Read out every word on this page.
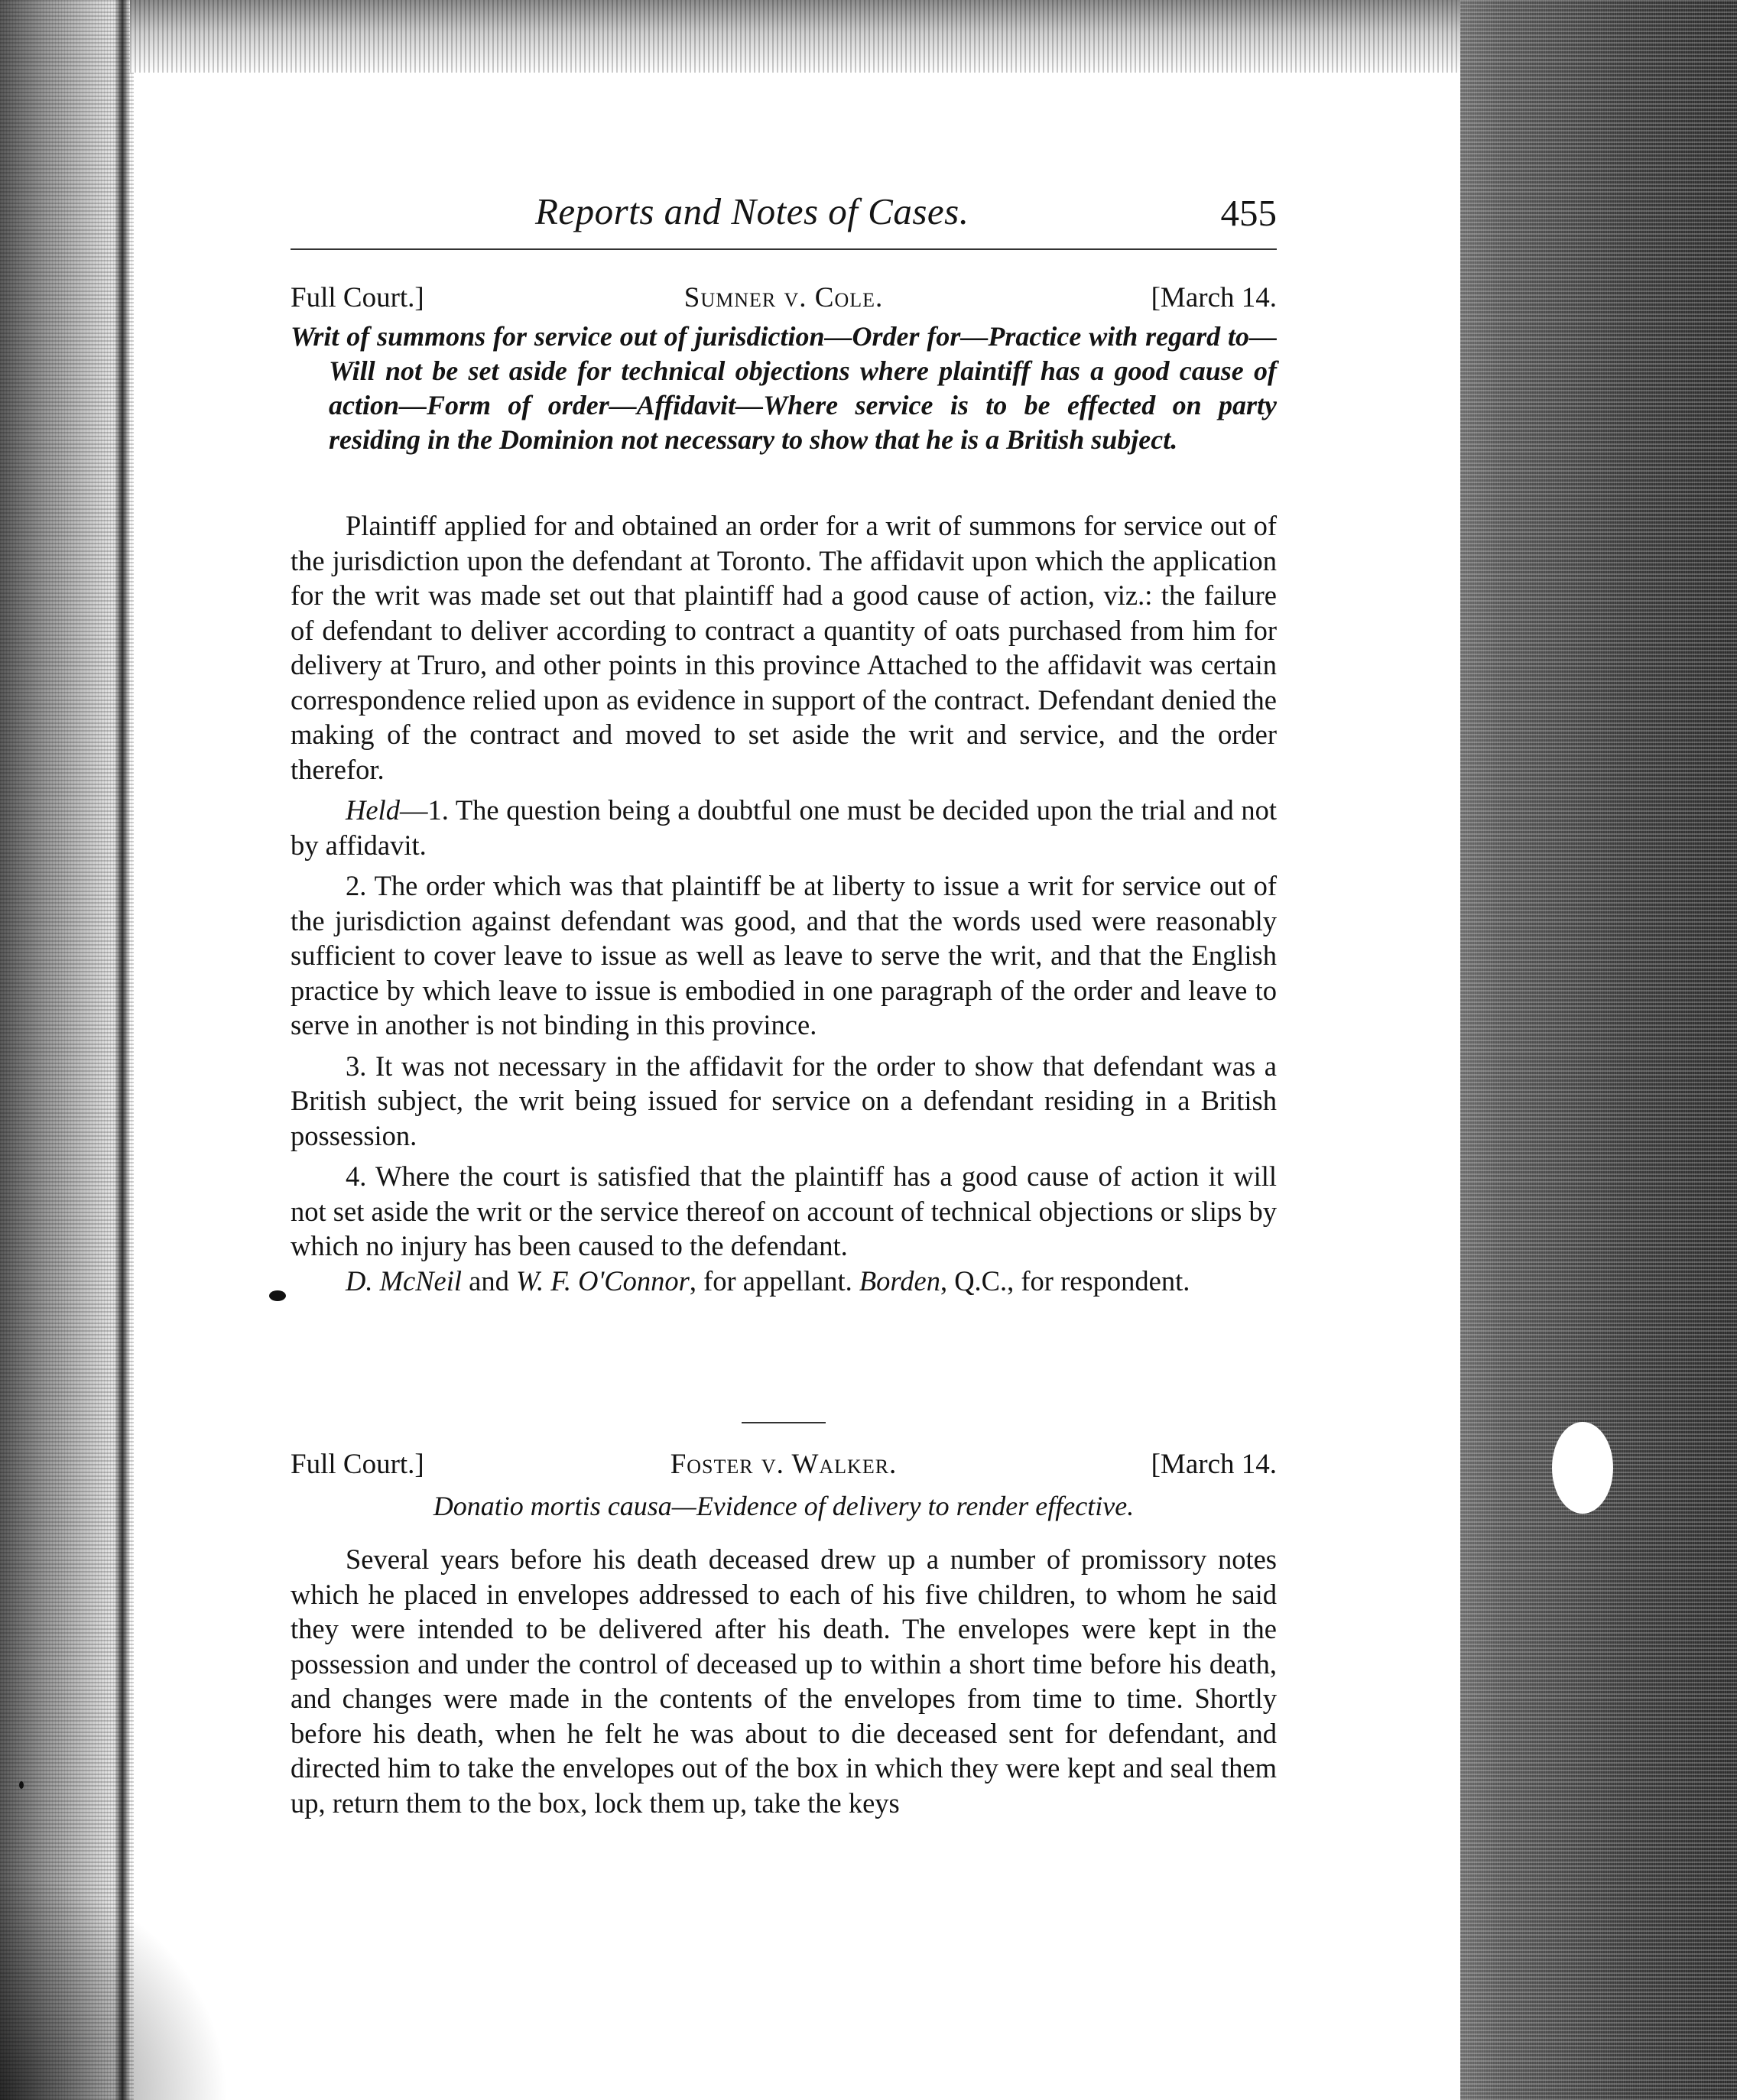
Reports and Notes of Cases.	455
Full Court.]	Sumner v. Cole.	[March 14.
Writ of summons for service out of jurisdiction—Order for—Practice with regard to—Will not be set aside for technical objections where plaintiff has a good cause of action—Form of order—Affidavit—Where service is to be effected on party residing in the Dominion not necessary to show that he is a British subject.

Plaintiff applied for and obtained an order for a writ of summons for service out of the jurisdiction upon the defendant at Toronto. The affidavit upon which the application for the writ was made set out that plaintiff had a good cause of action, viz.: the failure of defendant to deliver according to contract a quantity of oats purchased from him for delivery at Truro, and other points in this province Attached to the affidavit was certain correspondence relied upon as evidence in support of the contract. Defendant denied the making of the contract and moved to set aside the writ and service, and the order therefor.

Held—1. The question being a doubtful one must be decided upon the trial and not by affidavit.

2. The order which was that plaintiff be at liberty to issue a writ for service out of the jurisdiction against defendant was good, and that the words used were reasonably sufficient to cover leave to issue as well as leave to serve the writ, and that the English practice by which leave to issue is embodied in one paragraph of the order and leave to serve in another is not binding in this province.

3. It was not necessary in the affidavit for the order to show that defendant was a British subject, the writ being issued for service on a defendant residing in a British possession.

4. Where the court is satisfied that the plaintiff has a good cause of action it will not set aside the writ or the service thereof on account of technical objections or slips by which no injury has been caused to the defendant.

D. McNeil and W. F. O'Connor, for appellant. Borden, Q.C., for respondent.

Full Court.]	Foster v. Walker.	[March 14.
Donatio mortis causa—Evidence of delivery to render effective.

Several years before his death deceased drew up a number of promissory notes which he placed in envelopes addressed to each of his five children, to whom he said they were intended to be delivered after his death. The envelopes were kept in the possession and under the control of deceased up to within a short time before his death, and changes were made in the contents of the envelopes from time to time. Shortly before his death, when he felt he was about to die deceased sent for defendant, and directed him to take the envelopes out of the box in which they were kept and seal them up, return them to the box, lock them up, take the keys
